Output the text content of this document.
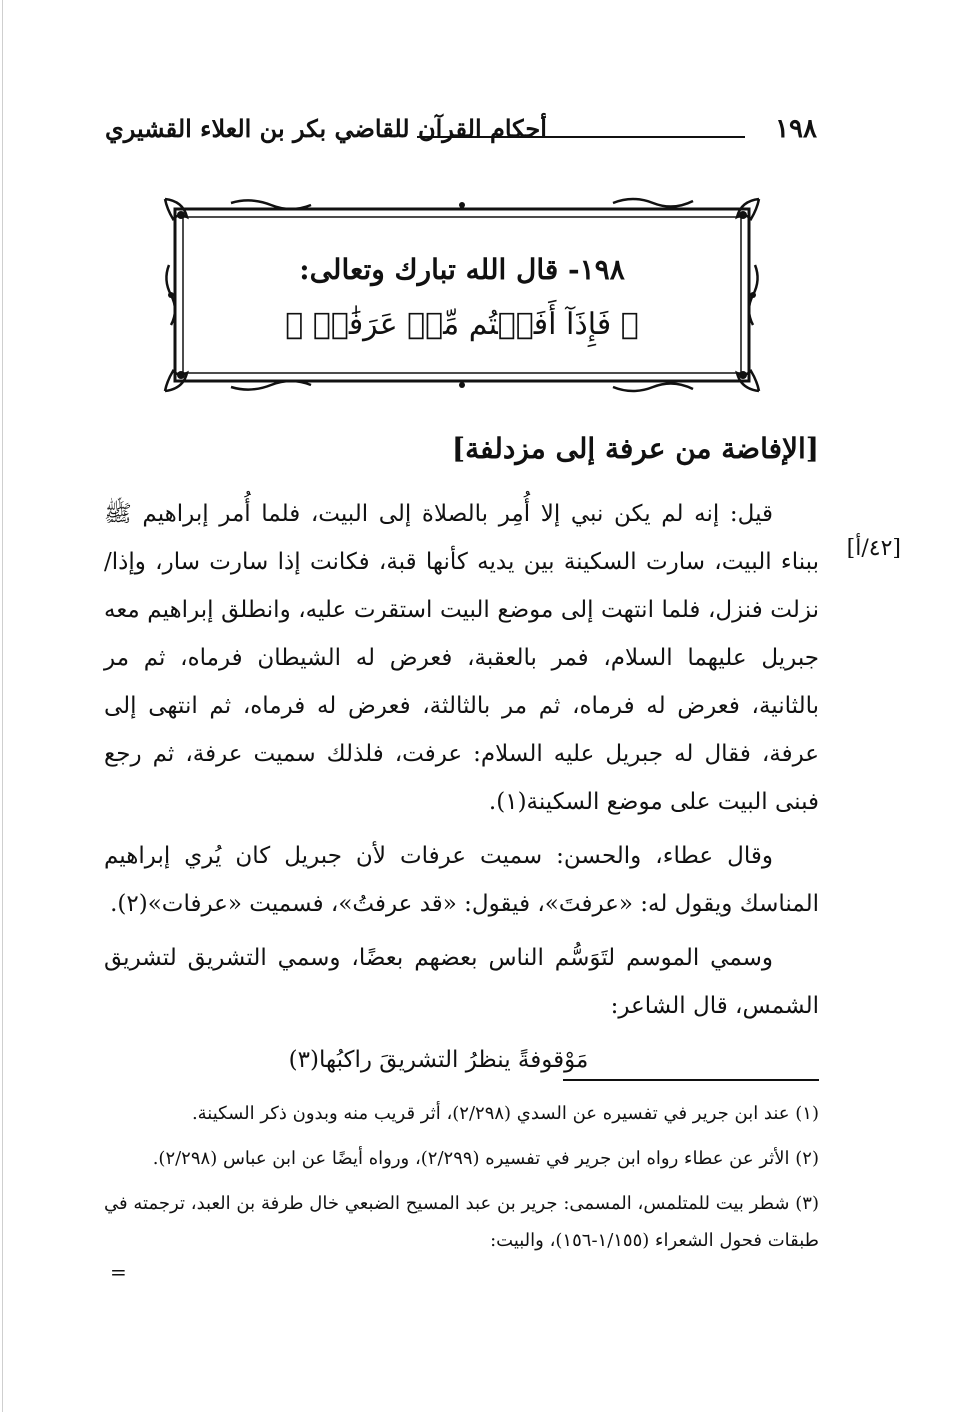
١٩٨
أحكام القرآن للقاضي بكر بن العلاء القشيري
١٩٨- قال الله تبارك وتعالى:
﴿ فَإِذَآ أَفَضۡتُم مِّنۡ عَرَفَٰتٖ ﴾
[الإفاضة من عرفة إلى مزدلفة]
[٤٢/أ]

قيل: إنه لم يكن نبي إلا أُمِر بالصلاة إلى البيت، فلما أُمر إبراهيم ﷺ ببناء البيت، سارت السكينة بين يديه كأنها قبة، فكانت إذا سارت سار، وإذا/ نزلت فنزل، فلما انتهت إلى موضع البيت استقرت عليه، وانطلق إبراهيم معه جبريل عليهما السلام، فمر بالعقبة، فعرض له الشيطان فرماه، ثم مر بالثانية، فعرض له فرماه، ثم مر بالثالثة، فعرض له فرماه، ثم انتهى إلى عرفة، فقال له جبريل عليه السلام: عرفت، فلذلك سميت عرفة، ثم رجع فبنى البيت على موضع السكينة(١).

وقال عطاء، والحسن: سميت عرفات لأن جبريل كان يُري إبراهيم المناسك ويقول له: «عرفتَ»، فيقول: «قد عرفتُ»، فسميت «عرفات»(٢).

وسمي الموسم لتَوَسُّم الناس بعضهم بعضًا، وسمي التشريق لتشريق الشمس، قال الشاعر:

مَوْقوفةً ينظرُ التشريقَ راكبُها(٣)

(١) عند ابن جرير في تفسيره عن السدي (٢/٢٩٨)، أثر قريب منه وبدون ذكر السكينة.
(٢) الأثر عن عطاء رواه ابن جرير في تفسيره (٢/٢٩٩)، ورواه أيضًا عن ابن عباس (٢/٢٩٨).
(٣) شطر بيت للمتلمس، المسمى: جرير بن عبد المسيح الضبعي خال طرفة بن العبد، ترجمته في طبقات فحول الشعراء (١/١٥٥-١٥٦)، والبيت:
=
